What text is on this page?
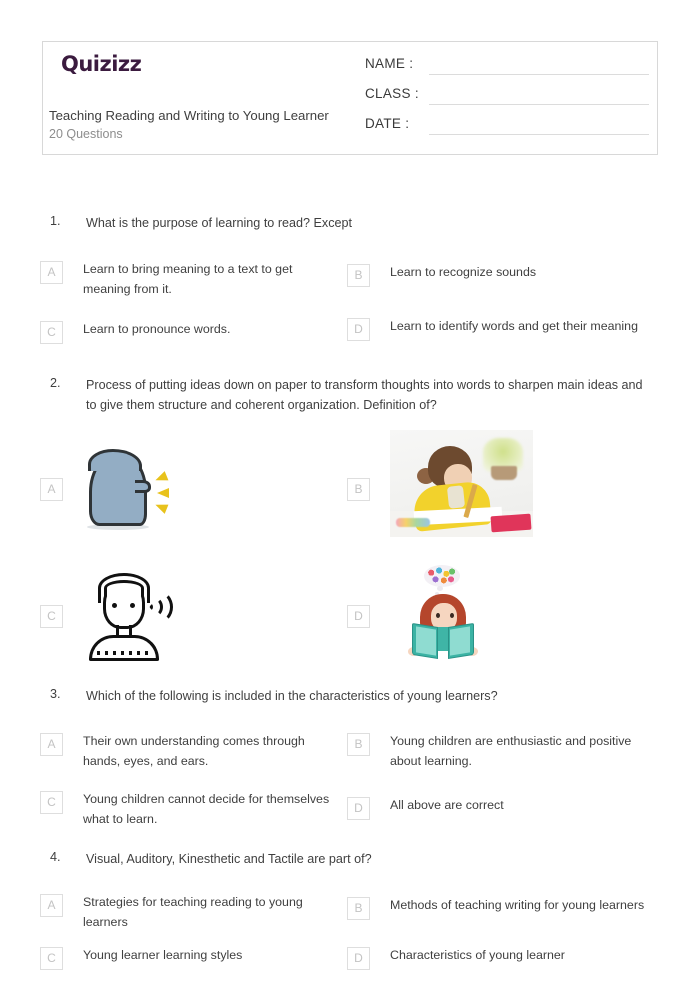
Quizizz
Teaching Reading and Writing to Young Learner
20 Questions
NAME :
CLASS :
DATE :
1.	What is the purpose of learning to read? Except
A	Learn to bring meaning to a text to get meaning from it.
B	Learn to recognize sounds
C	Learn to pronounce words.	D	Learn to identify words and get their meaning
2.	Process of putting ideas down on paper to transform thoughts into words to sharpen main ideas and to give them structure and coherent organization. Definition of?
A	B
C	D
3.	Which of the following is included in the characteristics of young learners?
A	Their own understanding comes through hands, eyes, and ears.
B	Young children are enthusiastic and positive about learning.
C	Young children cannot decide for themselves what to learn.
D	All above are correct
4.	Visual, Auditory, Kinesthetic and Tactile are part of?
A	Strategies for teaching reading to young learners
B	Methods of teaching writing for young learners
C	Young learner learning styles	D	Characteristics of young learner
